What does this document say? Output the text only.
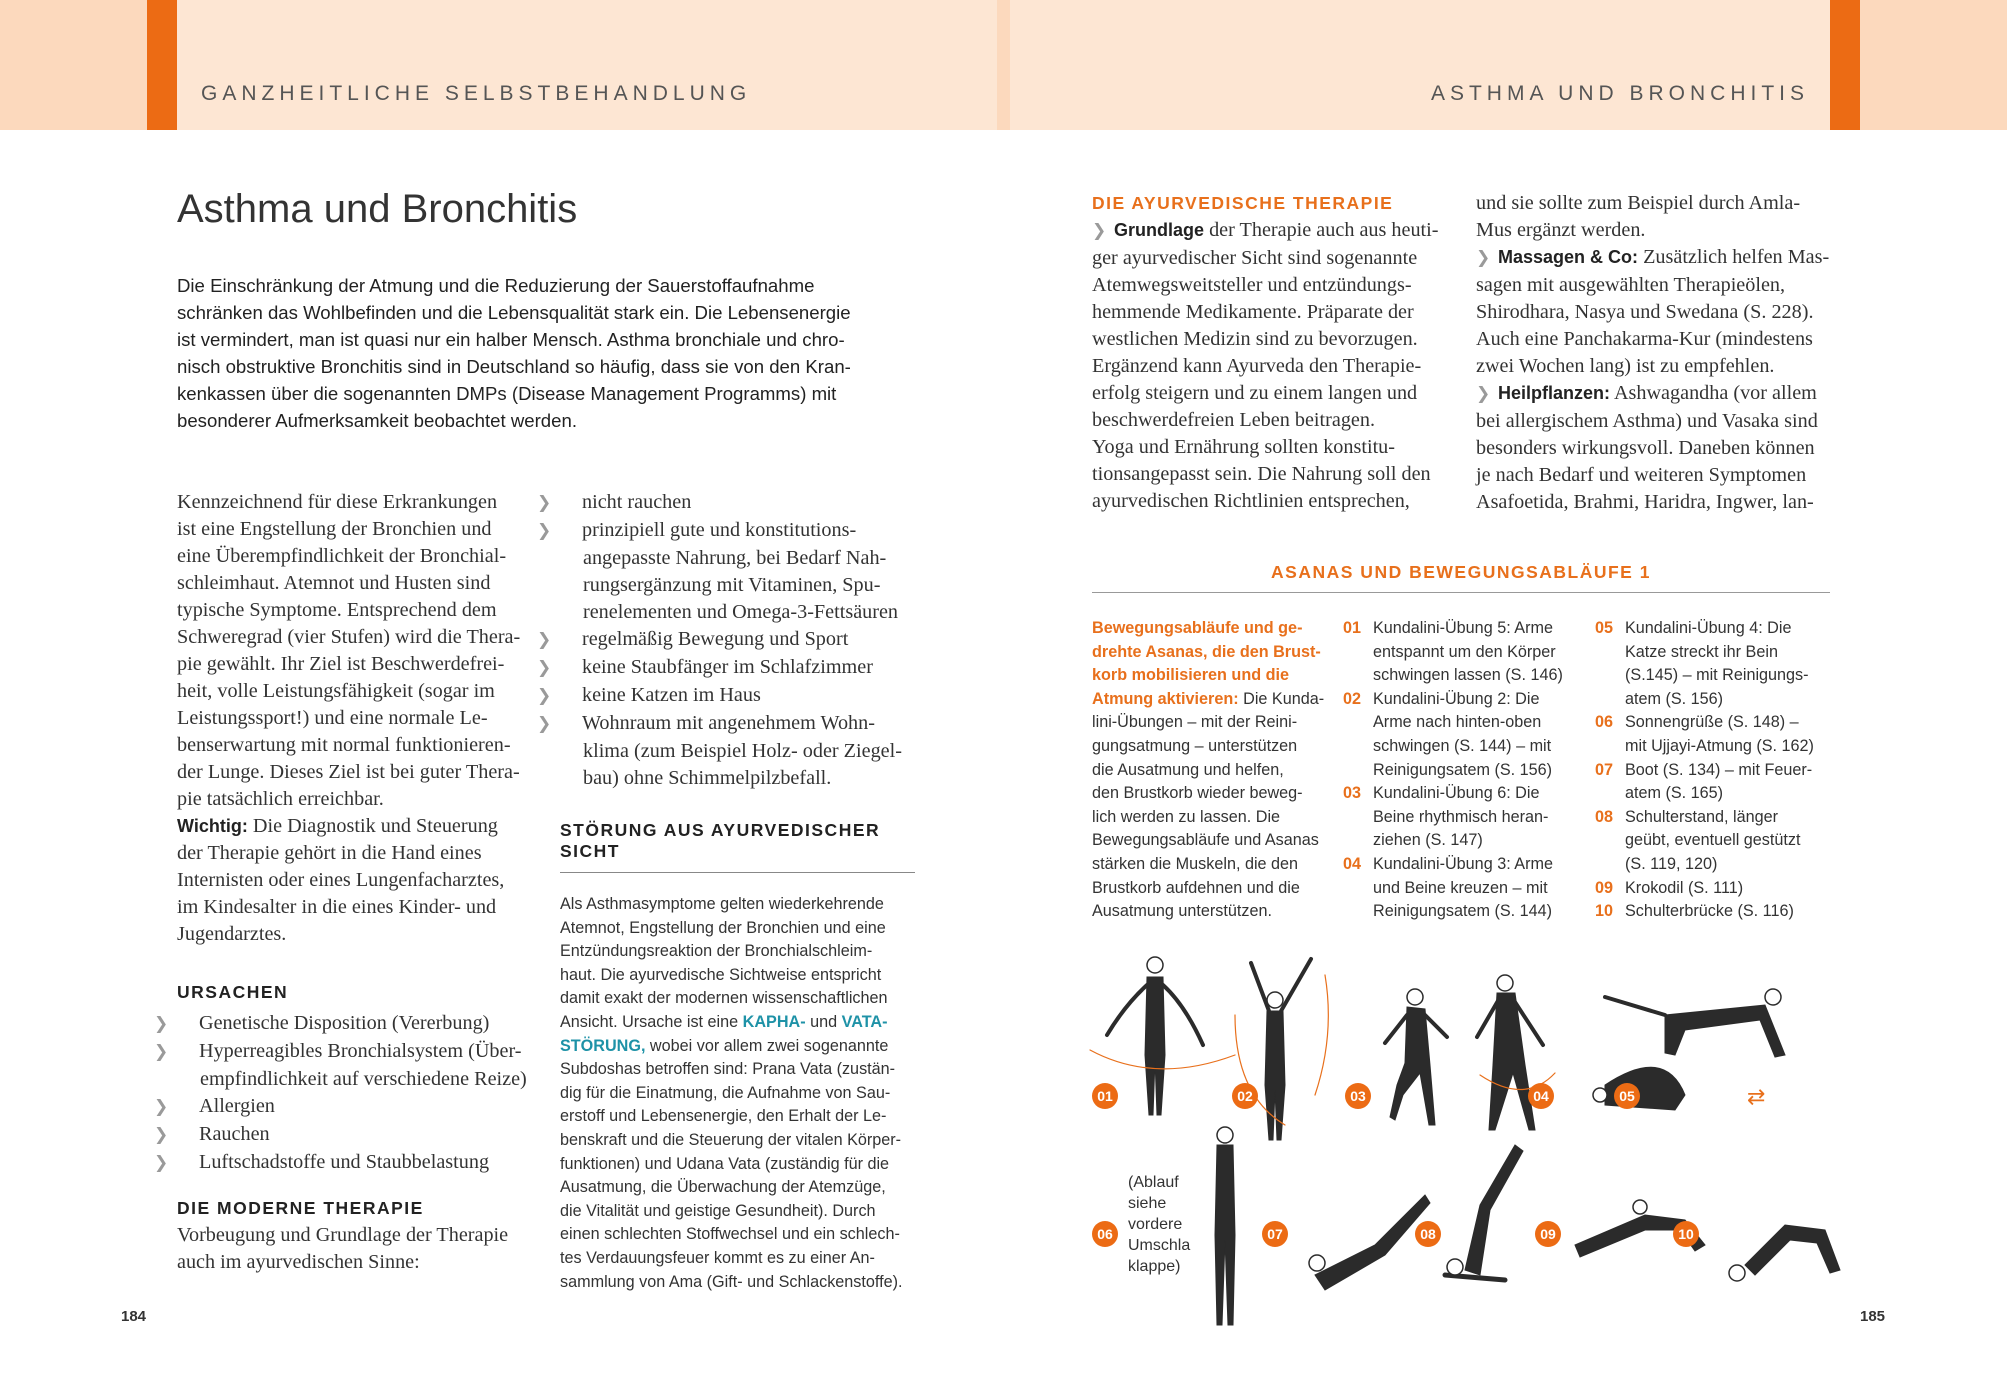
GANZHEITLICHE SELBSTBEHANDLUNG	ASTHMA UND BRONCHITIS
Asthma und Bronchitis
Die Einschränkung der Atmung und die Reduzierung der Sauerstoffaufnahme
schränken das Wohlbefinden und die Lebensqualität stark ein. Die Lebensenergie
ist vermindert, man ist quasi nur ein halber Mensch. Asthma bronchiale und chro-
nisch obstruktive Bronchitis sind in Deutschland so häufig, dass sie von den Kran-
kenkassen über die sogenannten DMPs (Disease Management Programms) mit
besonderer Aufmerksamkeit beobachtet werden.
Kennzeichnend für diese Erkrankungen
ist eine Engstellung der Bronchien und
eine Überempfindlichkeit der Bronchial-
schleimhaut. Atemnot und Husten sind
typische Symptome. Entsprechend dem
Schweregrad (vier Stufen) wird die Thera-
pie gewählt. Ihr Ziel ist Beschwerdefrei-
heit, volle Leistungsfähigkeit (sogar im
Leistungssport!) und eine normale Le-
benserwartung mit normal funktionieren-
der Lunge. Dieses Ziel ist bei guter Thera-
pie tatsächlich erreichbar.
Wichtig: Die Diagnostik und Steuerung
der Therapie gehört in die Hand eines
Internisten oder eines Lungenfacharztes,
im Kindesalter in die eines Kinder- und
Jugendarztes.
URSACHEN
❯ Genetische Disposition (Vererbung)
❯ Hyperreagibles Bronchialsystem (Über-
empfindlichkeit auf verschiedene Reize)
❯ Allergien
❯ Rauchen
❯ Luftschadstoffe und Staubbelastung
DIE MODERNE THERAPIE
Vorbeugung und Grundlage der Therapie
auch im ayurvedischen Sinne:
❯ nicht rauchen
❯ prinzipiell gute und konstitutions-
angepasste Nahrung, bei Bedarf Nah-
rungsergänzung mit Vitaminen, Spu-
renelementen und Omega-3-Fettsäuren
❯ regelmäßig Bewegung und Sport
❯ keine Staubfänger im Schlafzimmer
❯ keine Katzen im Haus
❯ Wohnraum mit angenehmem Wohn-
klima (zum Beispiel Holz- oder Ziegel-
bau) ohne Schimmelpilzbefall.
STÖRUNG AUS AYURVEDISCHER SICHT
Als Asthmasymptome gelten wiederkehrende
Atemnot, Engstellung der Bronchien und eine
Entzündungsreaktion der Bronchialschleim-
haut. Die ayurvedische Sichtweise entspricht
damit exakt der modernen wissenschaftlichen
Ansicht. Ursache ist eine KAPHA- und VATA-
STÖRUNG, wobei vor allem zwei sogenannte
Subdoshas betroffen sind: Prana Vata (zustän-
dig für die Einatmung, die Aufnahme von Sau-
erstoff und Lebensenergie, den Erhalt der Le-
benskraft und die Steuerung der vitalen Körper-
funktionen) und Udana Vata (zuständig für die
Ausatmung, die Überwachung der Atemzüge,
die Vitalität und geistige Gesundheit). Durch
einen schlechten Stoffwechsel und ein schlech-
tes Verdauungsfeuer kommt es zu einer An-
sammlung von Ama (Gift- und Schlackenstoffe).
DIE AYURVEDISCHE THERAPIE
❯ Grundlage der Therapie auch aus heuti-
ger ayurvedischer Sicht sind sogenannte
Atemwegsweitsteller und entzündungs-
hemmende Medikamente. Präparate der
westlichen Medizin sind zu bevorzugen.
Ergänzend kann Ayurveda den Therapie-
erfolg steigern und zu einem langen und
beschwerdefreien Leben beitragen.
Yoga und Ernährung sollten konstitu-
tionsangepasst sein. Die Nahrung soll den
ayurvedischen Richtlinien entsprechen,
und sie sollte zum Beispiel durch Amla-
Mus ergänzt werden.
❯ Massagen & Co: Zusätzlich helfen Mas-
sagen mit ausgewählten Therapieölen,
Shirodhara, Nasya und Swedana (S. 228).
Auch eine Panchakarma-Kur (mindestens
zwei Wochen lang) ist zu empfehlen.
❯ Heilpflanzen: Ashwagandha (vor allem
bei allergischem Asthma) und Vasaka sind
besonders wirkungsvoll. Daneben können
je nach Bedarf und weiteren Symptomen
Asafoetida, Brahmi, Haridra, Ingwer, lan-
ASANAS UND BEWEGUNGSABLÄUFE 1
Bewegungsabläufe und ge-
drehte Asanas, die den Brust-
korb mobilisieren und die
Atmung aktivieren: Die Kunda-
lini-Übungen – mit der Reini-
gungsatmung – unterstützen
die Ausatmung und helfen,
den Brustkorb wieder beweg-
lich werden zu lassen. Die
Bewegungsabläufe und Asanas
stärken die Muskeln, die den
Brustkorb aufdehnen und die
Ausatmung unterstützen.
01 Kundalini-Übung 5: Arme
entspannt um den Körper
schwingen lassen (S. 146)
02 Kundalini-Übung 2: Die
Arme nach hinten-oben
schwingen (S. 144) – mit
Reinigungsatem (S. 156)
03 Kundalini-Übung 6: Die
Beine rhythmisch heran-
ziehen (S. 147)
04 Kundalini-Übung 3: Arme
und Beine kreuzen – mit
Reinigungsatem (S. 144)
05 Kundalini-Übung 4: Die
Katze streckt ihr Bein
(S.145) – mit Reinigungs-
atem (S. 156)
06 Sonnengrüße (S. 148) –
mit Ujjayi-Atmung (S. 162)
07 Boot (S. 134) – mit Feuer-
atem (S. 165)
08 Schulterstand, länger
geübt, eventuell gestützt
(S. 119, 120)
09 Krokodil (S. 111)
10 Schulterbrücke (S. 116)
01	02	03	04	05
06	07	08	09	10
⇄
(Ablauf
siehe
vordere
Umschla
klappe)
184	185
